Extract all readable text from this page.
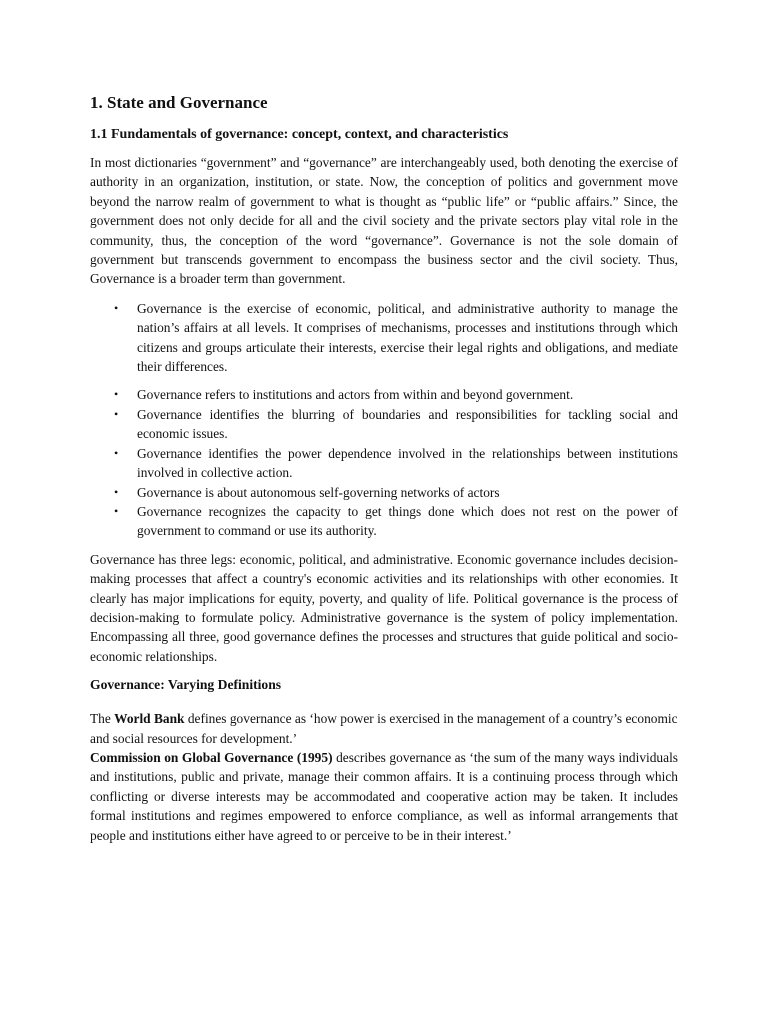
1. State and Governance
1.1 Fundamentals of governance: concept, context, and characteristics

In most dictionaries “government” and “governance” are interchangeably used, both denoting the exercise of authority in an organization, institution, or state. Now, the conception of politics and government move beyond the narrow realm of government to what is thought as “public life” or “public affairs.” Since, the government does not only decide for all and the civil society and the private sectors play vital role in the community, thus, the conception of the word “governance”. Governance is not the sole domain of government but transcends government to encompass the business sector and the civil society. Thus, Governance is a broader term than government.

• Governance is the exercise of economic, political, and administrative authority to manage the nation’s affairs at all levels. It comprises of mechanisms, processes and institutions through which citizens and groups articulate their interests, exercise their legal rights and obligations, and mediate their differences.
• Governance refers to institutions and actors from within and beyond government.
• Governance identifies the blurring of boundaries and responsibilities for tackling social and economic issues.
• Governance identifies the power dependence involved in the relationships between institutions involved in collective action.
• Governance is about autonomous self-governing networks of actors
• Governance recognizes the capacity to get things done which does not rest on the power of government to command or use its authority.

Governance has three legs: economic, political, and administrative. Economic governance includes decision-making processes that affect a country's economic activities and its relationships with other economies. It clearly has major implications for equity, poverty, and quality of life. Political governance is the process of decision-making to formulate policy. Administrative governance is the system of policy implementation. Encompassing all three, good governance defines the processes and structures that guide political and socio-economic relationships.

Governance: Varying Definitions

The World Bank defines governance as ‘how power is exercised in the management of a country’s economic and social resources for development.’

Commission on Global Governance (1995) describes governance as ‘the sum of the many ways individuals and institutions, public and private, manage their common affairs. It is a continuing process through which conflicting or diverse interests may be accommodated and cooperative action may be taken. It includes formal institutions and regimes empowered to enforce compliance, as well as informal arrangements that people and institutions either have agreed to or perceive to be in their interest.’
